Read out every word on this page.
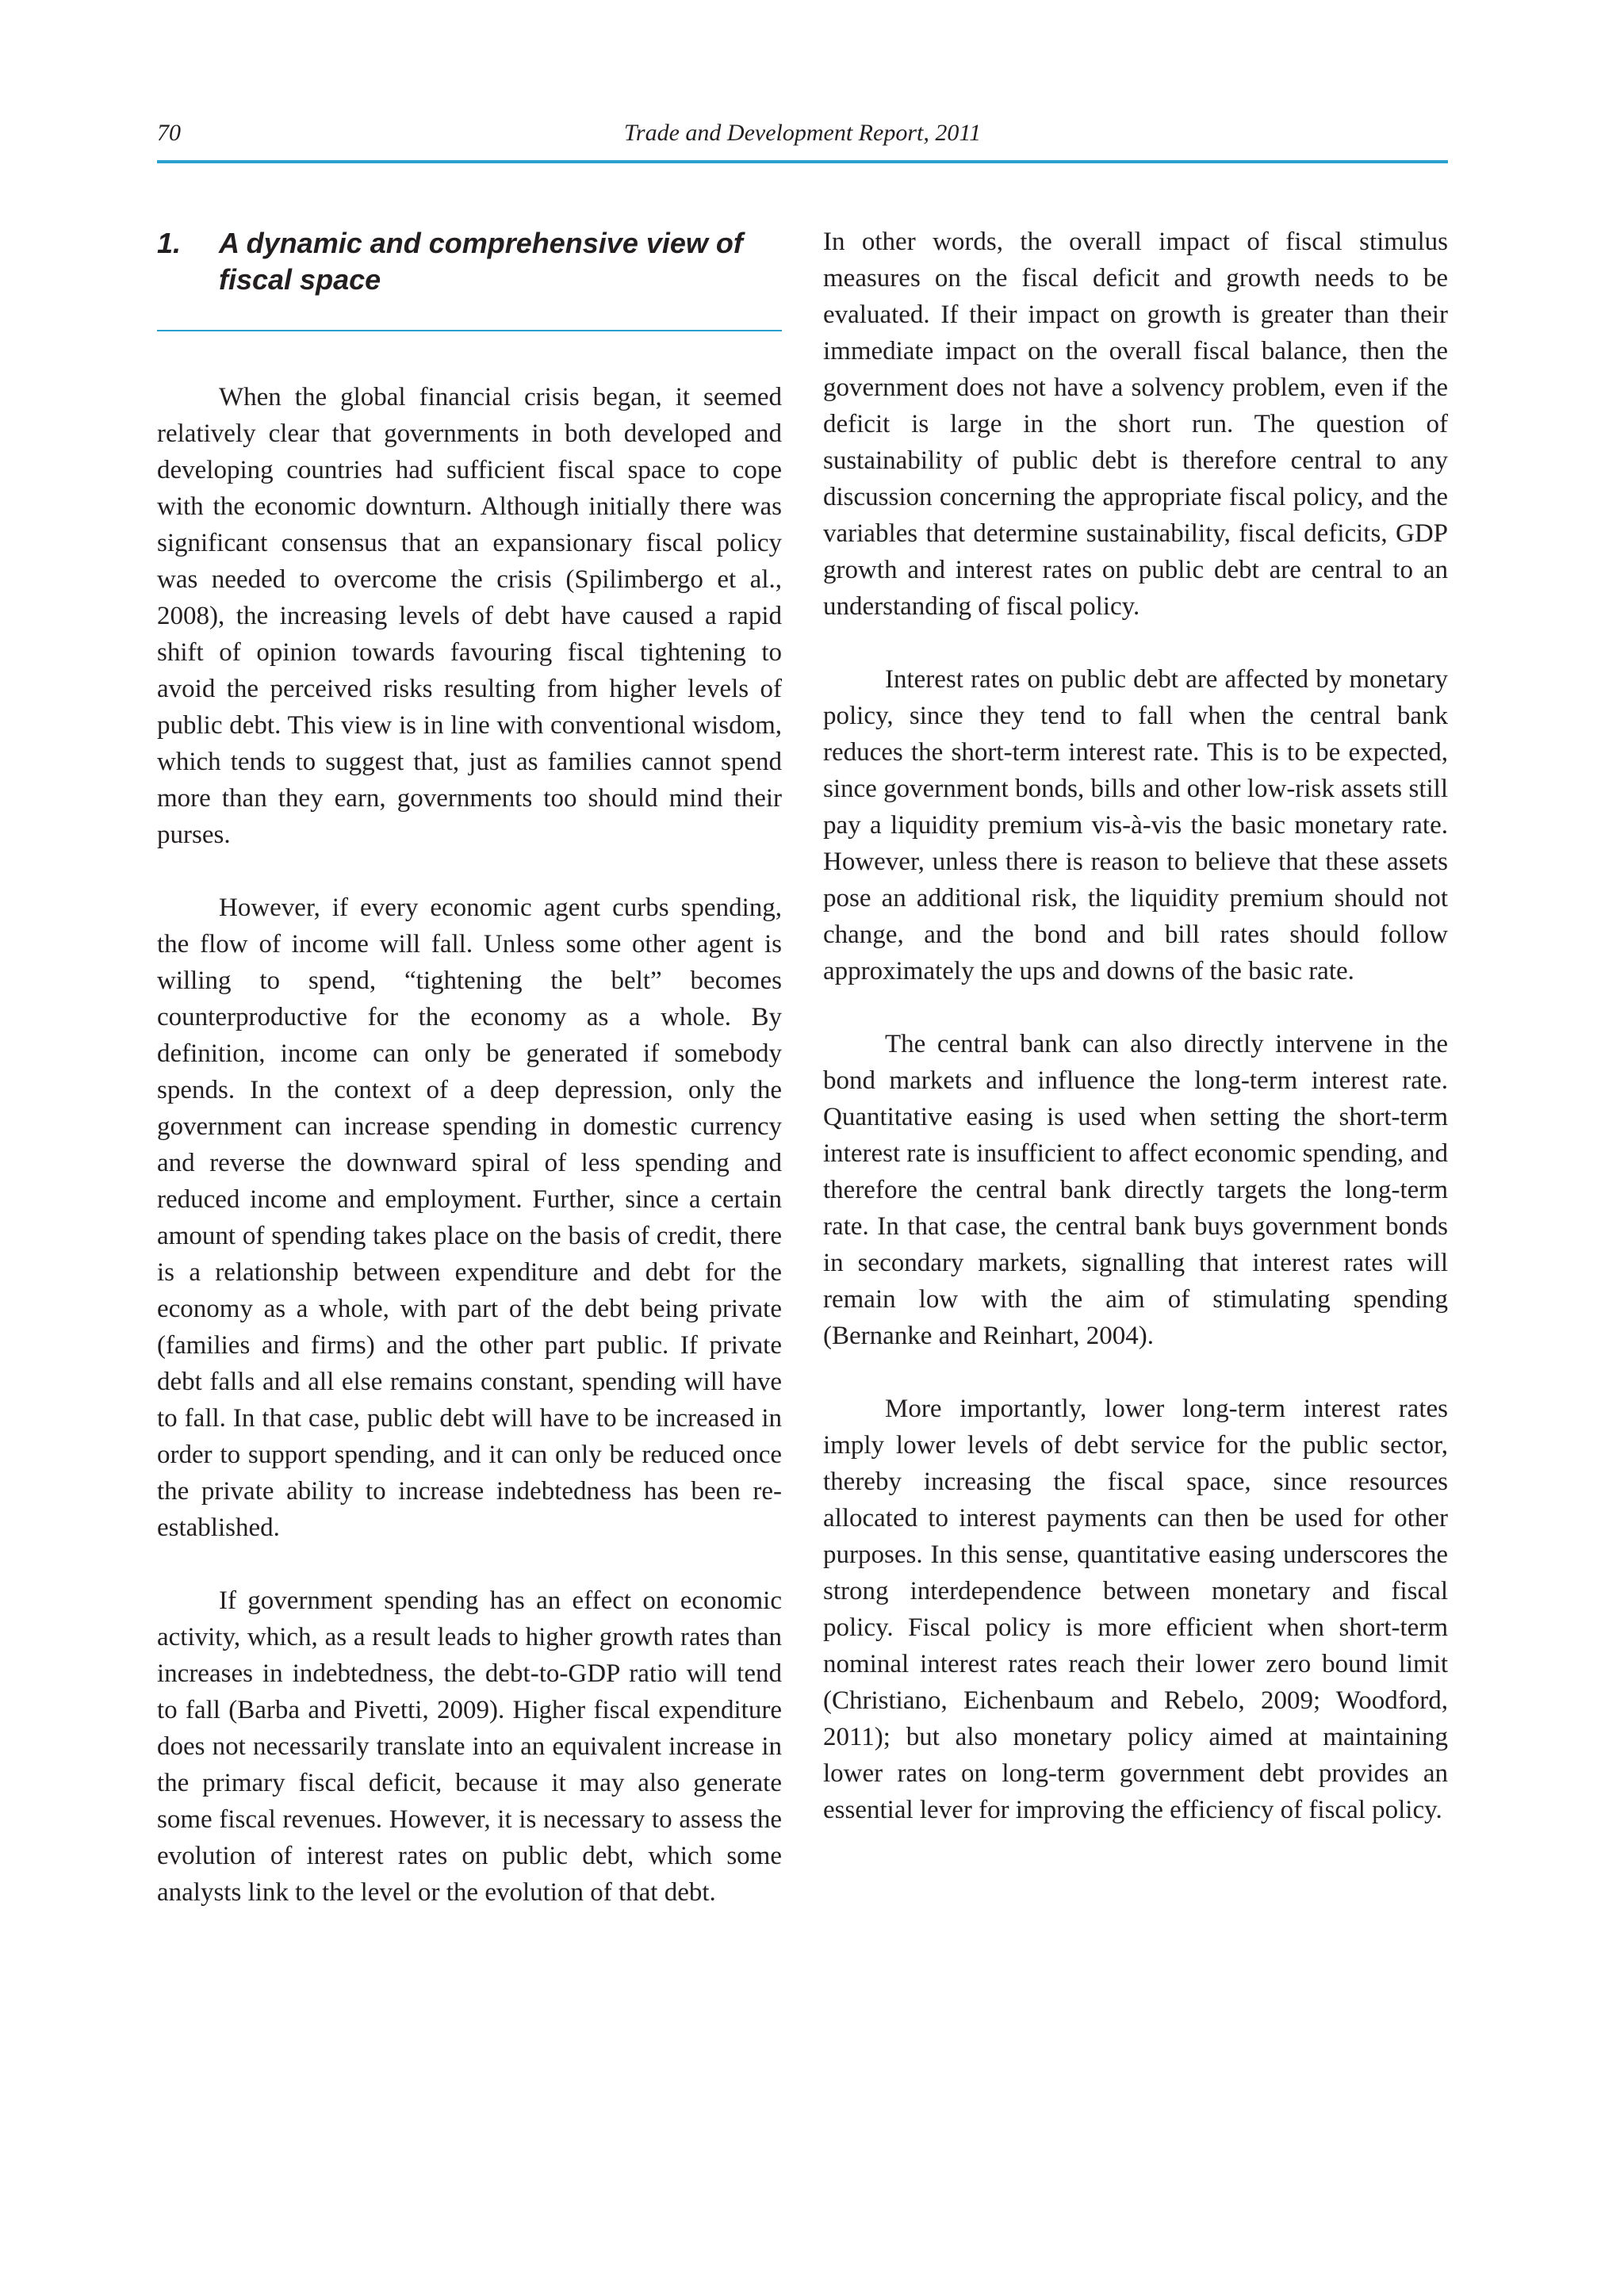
70	Trade and Development Report, 2011
1.	A dynamic and comprehensive view of fiscal space

When the global financial crisis began, it seemed relatively clear that governments in both developed and developing countries had sufficient fiscal space to cope with the economic downturn. Although initially there was significant consensus that an expansionary fiscal policy was needed to overcome the crisis (Spilimbergo et al., 2008), the increasing levels of debt have caused a rapid shift of opinion towards favouring fiscal tightening to avoid the perceived risks resulting from higher levels of public debt. This view is in line with conventional wisdom, which tends to suggest that, just as families cannot spend more than they earn, governments too should mind their purses.

However, if every economic agent curbs spending, the flow of income will fall. Unless some other agent is willing to spend, “tightening the belt” becomes counterproductive for the economy as a whole. By definition, income can only be generated if somebody spends. In the context of a deep depression, only the government can increase spending in domestic currency and reverse the downward spiral of less spending and reduced income and employment. Further, since a certain amount of spending takes place on the basis of credit, there is a relationship between expenditure and debt for the economy as a whole, with part of the debt being private (families and firms) and the other part public. If private debt falls and all else remains constant, spending will have to fall. In that case, public debt will have to be increased in order to support spending, and it can only be reduced once the private ability to increase indebtedness has been re-established.

If government spending has an effect on economic activity, which, as a result leads to higher growth rates than increases in indebtedness, the debt-to-GDP ratio will tend to fall (Barba and Pivetti, 2009). Higher fiscal expenditure does not necessarily translate into an equivalent increase in the primary fiscal deficit, because it may also generate some fiscal revenues. However, it is necessary to assess the evolution of interest rates on public debt, which some analysts link to the level or the evolution of that debt.

In other words, the overall impact of fiscal stimulus measures on the fiscal deficit and growth needs to be evaluated. If their impact on growth is greater than their immediate impact on the overall fiscal balance, then the government does not have a solvency problem, even if the deficit is large in the short run. The question of sustainability of public debt is therefore central to any discussion concerning the appropriate fiscal policy, and the variables that determine sustainability, fiscal deficits, GDP growth and interest rates on public debt are central to an understanding of fiscal policy.

Interest rates on public debt are affected by monetary policy, since they tend to fall when the central bank reduces the short-term interest rate. This is to be expected, since government bonds, bills and other low-risk assets still pay a liquidity premium vis-à-vis the basic monetary rate. However, unless there is reason to believe that these assets pose an additional risk, the liquidity premium should not change, and the bond and bill rates should follow approximately the ups and downs of the basic rate.

The central bank can also directly intervene in the bond markets and influence the long-term interest rate. Quantitative easing is used when setting the short-term interest rate is insufficient to affect economic spending, and therefore the central bank directly targets the long-term rate. In that case, the central bank buys government bonds in secondary markets, signalling that interest rates will remain low with the aim of stimulating spending (Bernanke and Reinhart, 2004).

More importantly, lower long-term interest rates imply lower levels of debt service for the public sector, thereby increasing the fiscal space, since resources allocated to interest payments can then be used for other purposes. In this sense, quantitative easing underscores the strong interdependence between monetary and fiscal policy. Fiscal policy is more efficient when short-term nominal interest rates reach their lower zero bound limit (Christiano, Eichenbaum and Rebelo, 2009; Woodford, 2011); but also monetary policy aimed at maintaining lower rates on long-term government debt provides an essential lever for improving the efficiency of fiscal policy.
